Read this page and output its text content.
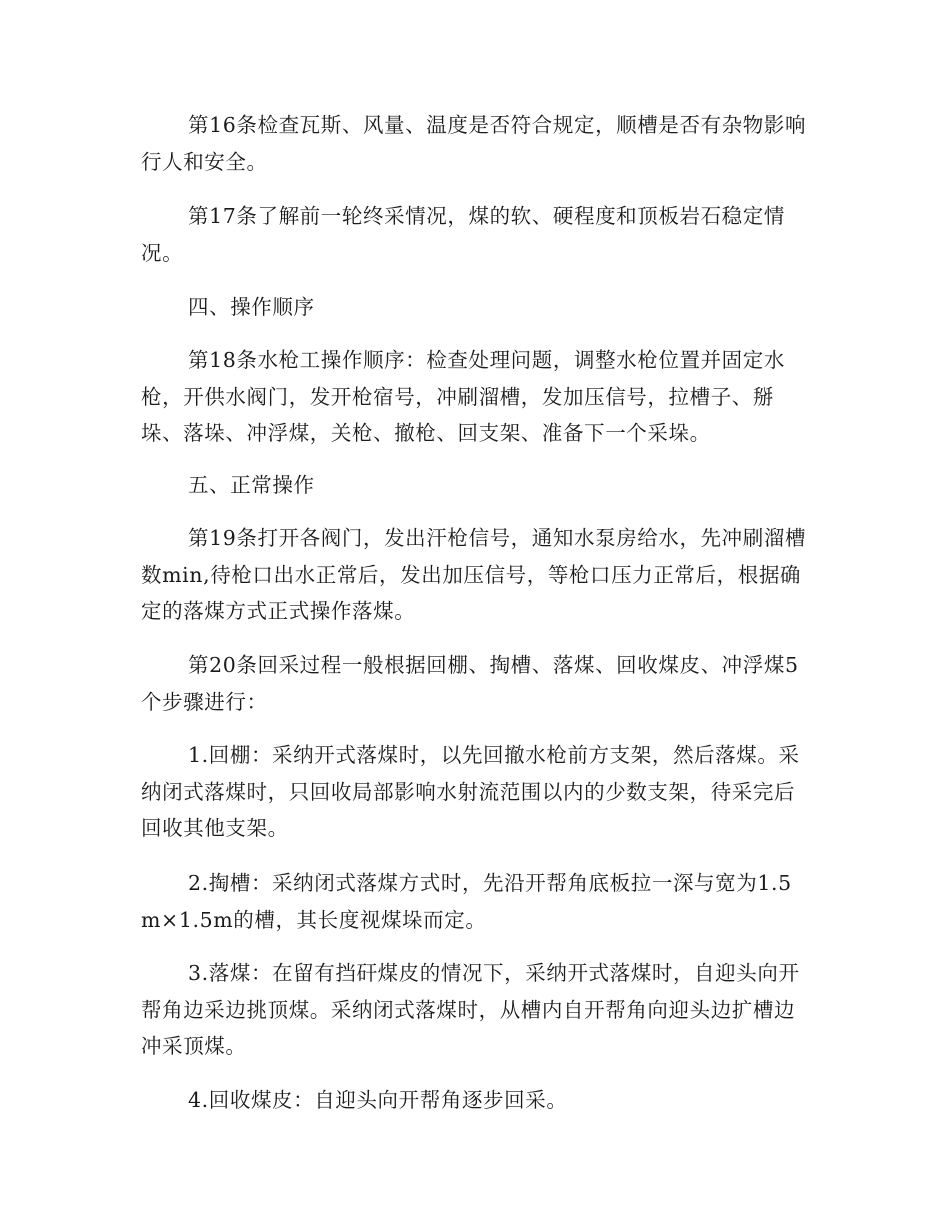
第16条检查瓦斯、风量、温度是否符合规定，顺槽是否有杂物影响行人和安全。

第17条了解前一轮终采情况，煤的软、硬程度和顶板岩石稳定情况。

四、操作顺序

第18条水枪工操作顺序：检查处理问题，调整水枪位置并固定水枪，开供水阀门，发开枪宿号，冲刷溜槽，发加压信号，拉槽子、掰垛、落垛、冲浮煤，关枪、撤枪、回支架、准备下一个采垛。

五、正常操作

第19条打开各阀门，发出汗枪信号，通知水泵房给水，先冲刷溜槽数min,待枪口出水正常后，发出加压信号，等枪口压力正常后，根据确定的落煤方式正式操作落煤。

第20条回采过程一般根据回棚、掏槽、落煤、回收煤皮、冲浮煤5个步骤进行：

1.回棚：采纳开式落煤时，以先回撤水枪前方支架，然后落煤。采纳闭式落煤时，只回收局部影响水射流范围以内的少数支架，待采完后回收其他支架。

2.掏槽：采纳闭式落煤方式时，先沿开帮角底板拉一深与宽为1.5m×1.5m的槽，其长度视煤垛而定。

3.落煤：在留有挡矸煤皮的情况下，采纳开式落煤时，自迎头向开帮角边采边挑顶煤。采纳闭式落煤时，从槽内自开帮角向迎头边扩槽边冲采顶煤。

4.回收煤皮：自迎头向开帮角逐步回采。
